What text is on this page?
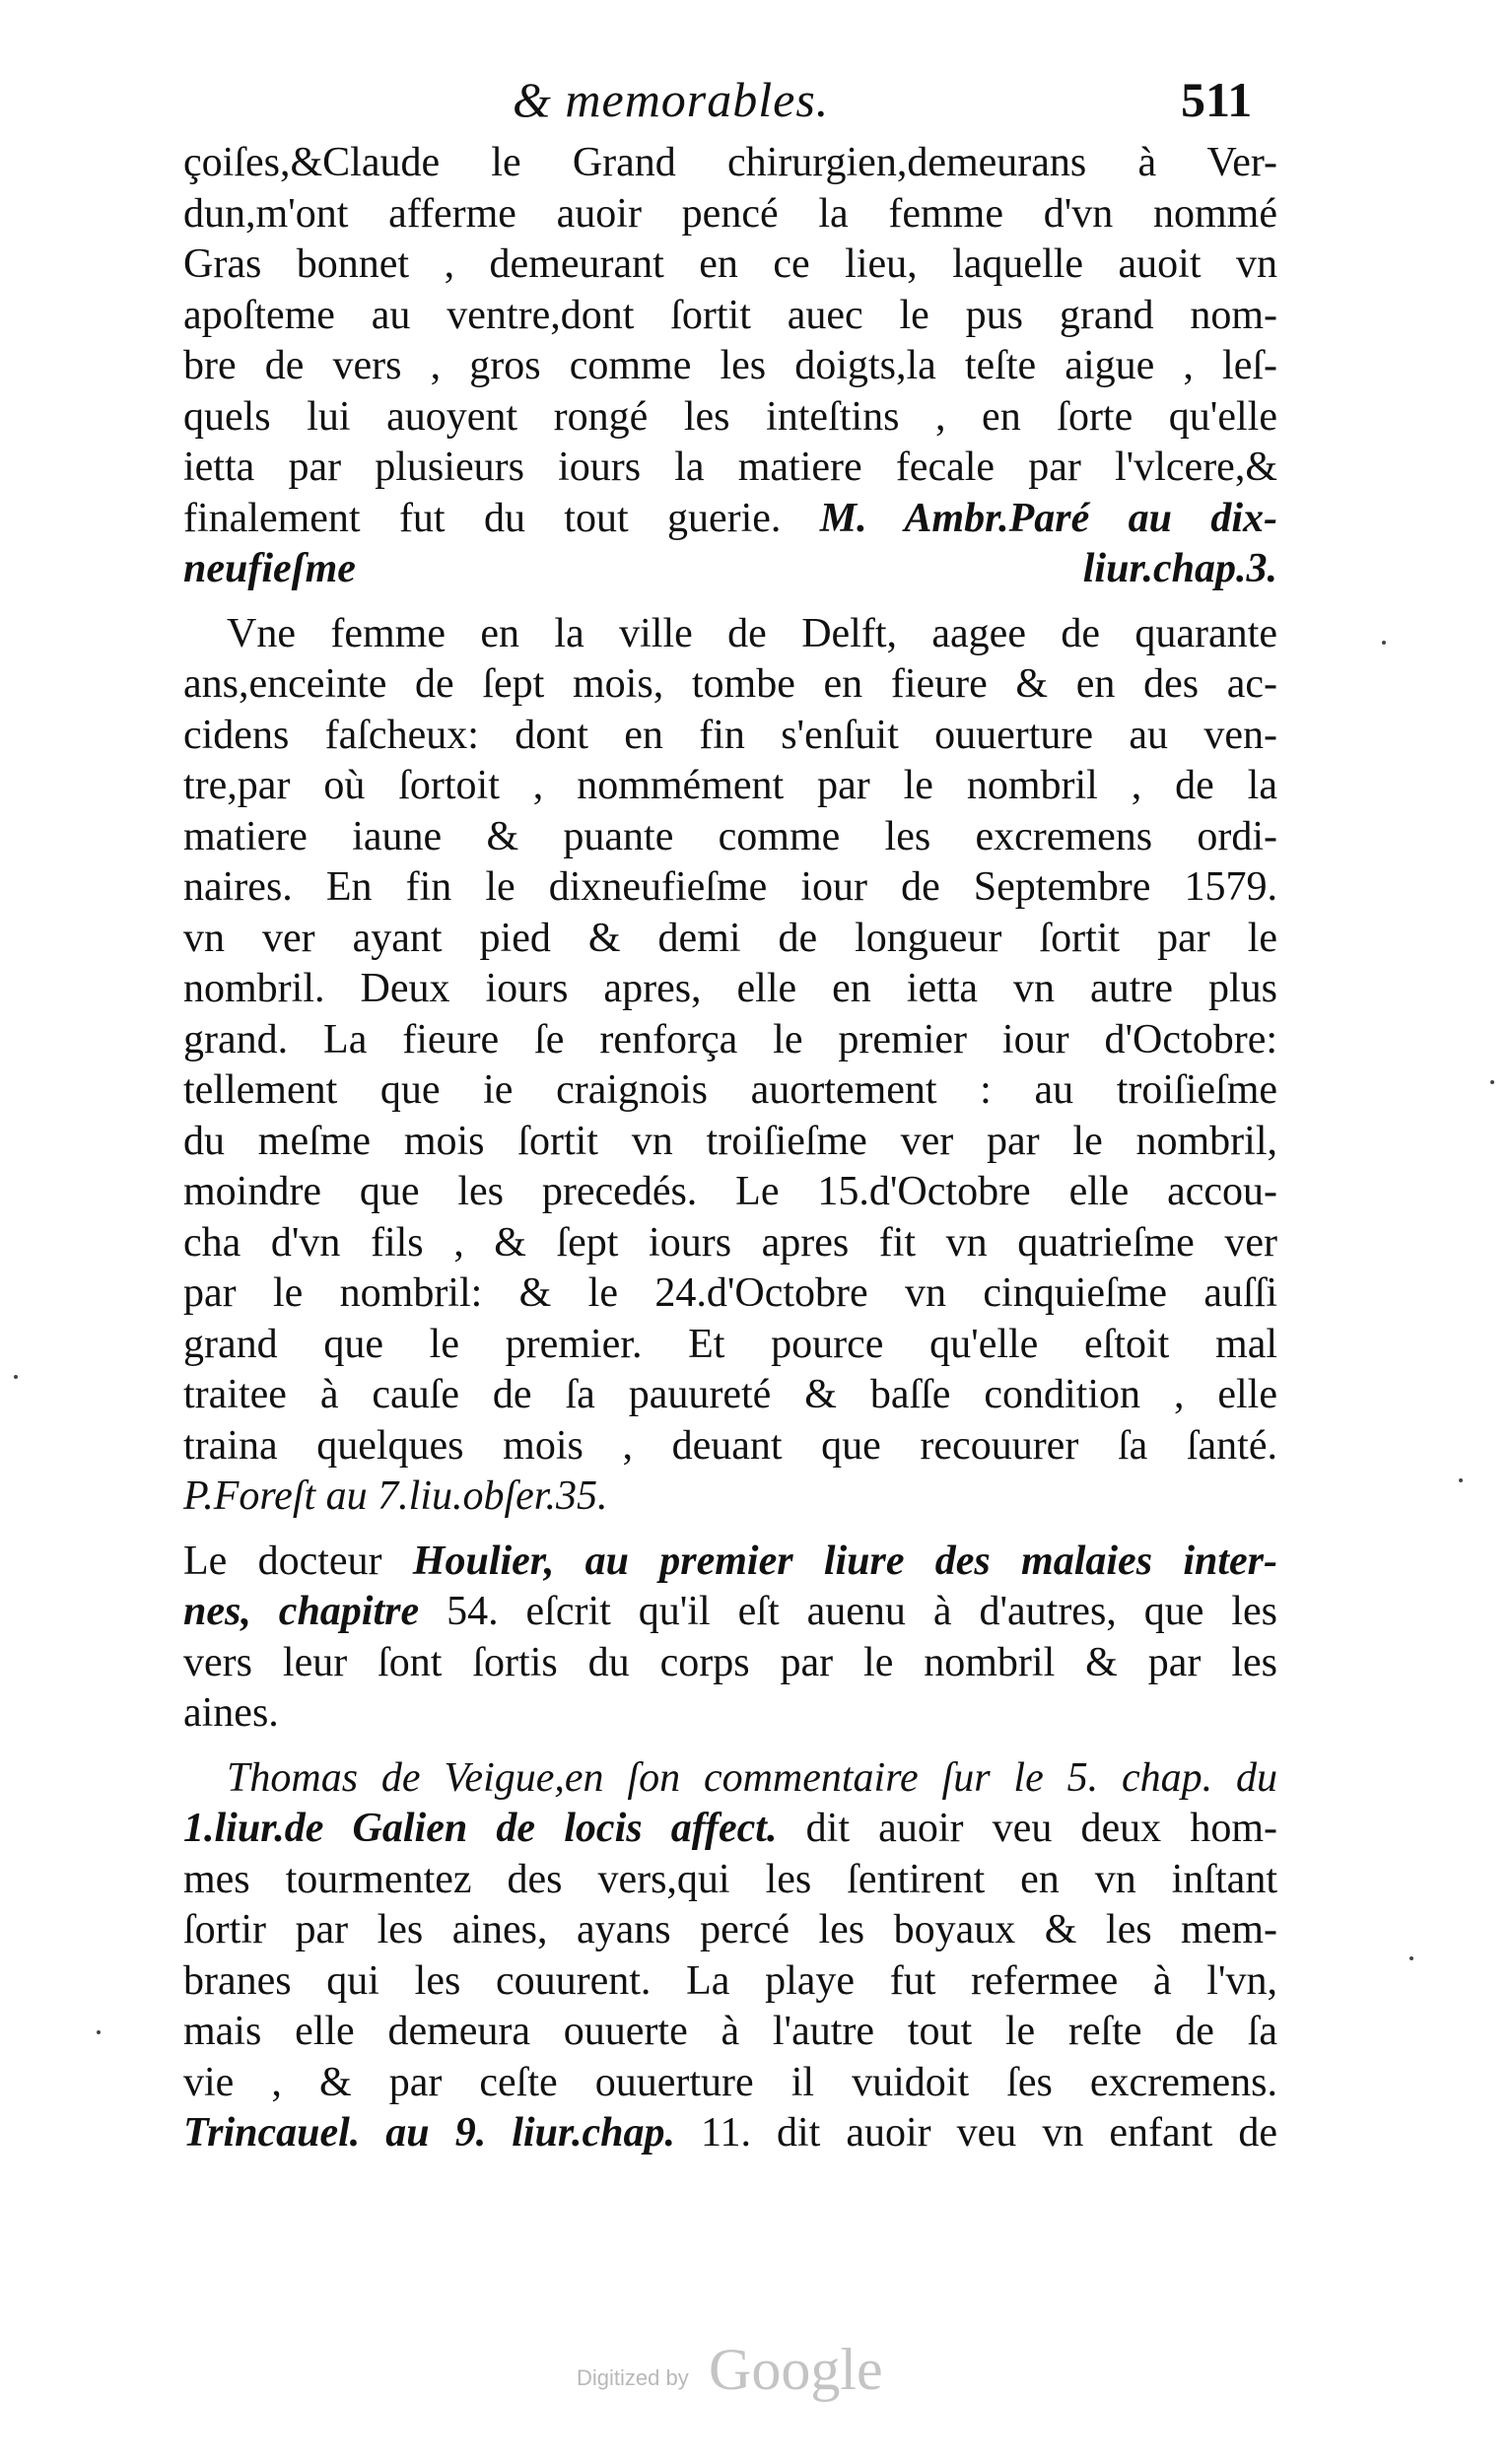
& memorables.	511
çoiſes,&Claude le Grand chirurgien,demeurans à Ver-
dun,m'ont afferme auoir pencé la femme d'vn nommé
Gras bonnet , demeurant en ce lieu, laquelle auoit vn
apoſteme au ventre,dont ſortit auec le pus grand nom-
bre de vers , gros comme les doigts,la teſte aigue , leſ-
quels lui auoyent rongé les inteſtins , en ſorte qu'elle
ietta par plusieurs iours la matiere fecale par l'vlcere,&
finalement fut du tout guerie. M. Ambr.Paré au dix-
neufieſme liur.chap.3.
Vne femme en la ville de Delft, aagee de quarante
ans,enceinte de ſept mois, tombe en fieure & en des ac-
cidens faſcheux: dont en fin s'enſuit ouuerture au ven-
tre,par où ſortoit , nommément par le nombril , de la
matiere iaune & puante comme les excremens ordi-
naires. En fin le dixneufieſme iour de Septembre 1579.
vn ver ayant pied & demi de longueur ſortit par le
nombril. Deux iours apres, elle en ietta vn autre plus
grand. La fieure ſe renforça le premier iour d'Octobre:
tellement que ie craignois auortement : au troiſieſme
du meſme mois ſortit vn troiſieſme ver par le nombril,
moindre que les precedés. Le 15.d'Octobre elle accou-
cha d'vn fils , & ſept iours apres fit vn quatrieſme ver
par le nombril: & le 24.d'Octobre vn cinquieſme auſſi
grand que le premier. Et pource qu'elle eſtoit mal
traitee à cauſe de ſa pauureté & baſſe condition , elle
traina quelques mois , deuant que recouurer ſa ſanté.
P.Foreſt au 7.liu.obſer.35.
Le docteur Houlier, au premier liure des malaies inter-
nes, chapitre 54. eſcrit qu'il eſt auenu à d'autres, que les
vers leur ſont ſortis du corps par le nombril & par les
aines.
Thomas de Veigue,en ſon commentaire ſur le 5. chap. du
1.liur.de Galien de locis affect. dit auoir veu deux hom-
mes tourmentez des vers,qui les ſentirent en vn inſtant
ſortir par les aines, ayans percé les boyaux & les mem-
branes qui les couurent. La playe fut refermee à l'vn,
mais elle demeura ouuerte à l'autre tout le reſte de ſa
vie , & par ceſte ouuerture il vuidoit ſes excremens.
Trincauel. au 9. liur.chap. 11. dit auoir veu vn enfant de
Digitized by Google
